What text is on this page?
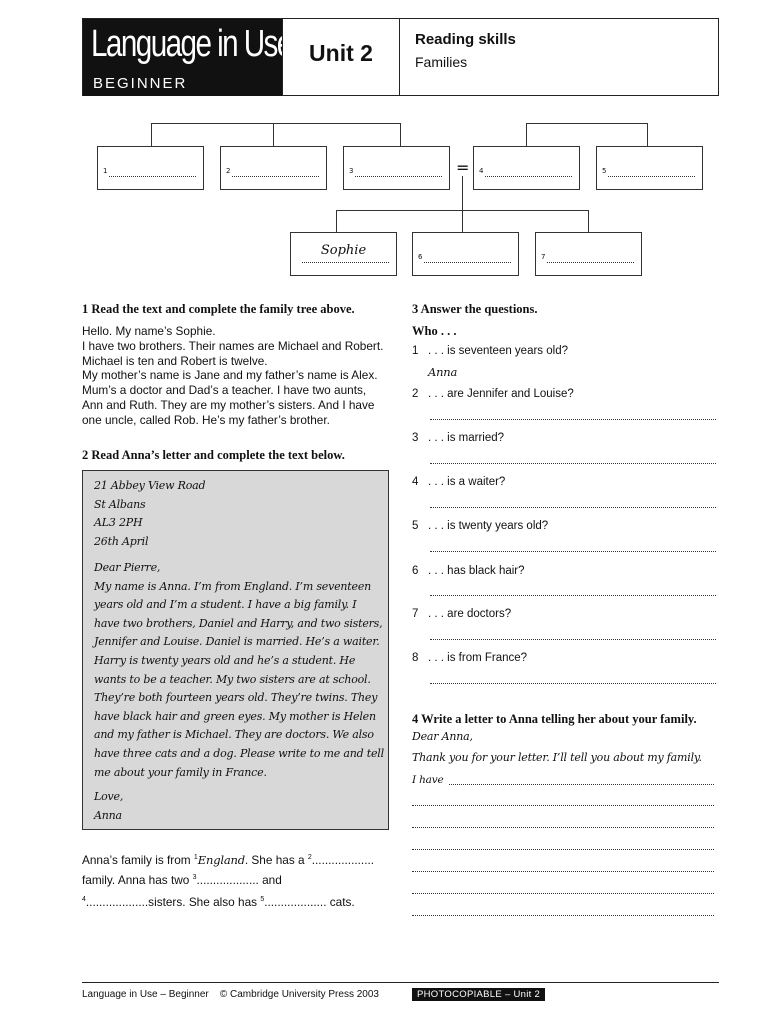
Language in Use
BEGINNER
Unit 2
Reading skills
Families
=
1	2	3	4	5
Sophie	6	7
1 Read the text and complete the family tree above.
Hello. My name’s Sophie.
I have two brothers. Their names are Michael and Robert.
Michael is ten and Robert is twelve.
My mother’s name is Jane and my father’s name is Alex.
Mum’s a doctor and Dad’s a teacher. I have two aunts,
Ann and Ruth. They are my mother’s sisters. And I have
one uncle, called Rob. He’s my father’s brother.
2 Read Anna’s letter and complete the text below.
21 Abbey View Road
St Albans
AL3 2PH
26th April
Dear Pierre,
My name is Anna. I’m from England. I’m seventeen
years old and I’m a student. I have a big family. I
have two brothers, Daniel and Harry, and two sisters,
Jennifer and Louise. Daniel is married. He’s a waiter.
Harry is twenty years old and he’s a student. He
wants to be a teacher. My two sisters are at school.
They’re both fourteen years old. They’re twins. They
have black hair and green eyes. My mother is Helen
and my father is Michael. They are doctors. We also
have three cats and a dog. Please write to me and tell
me about your family in France.
Love,
Anna
Anna’s family is from $^1$England. She has a $^2$...................
family. Anna has two $^3$................... and
$^4$...................sisters. She also has $^5$................... cats.
3 Answer the questions.
Who . . .
1 . . . is seventeen years old?
Anna
2 . . . are Jennifer and Louise?
3 . . . is married?
4 . . . is a waiter?
5 . . . is twenty years old?
6 . . . has black hair?
7 . . . are doctors?
8 . . . is from France?
4 Write a letter to Anna telling her about your family.
Dear Anna,
Thank you for your letter. I’ll tell you about my family.
I have
Language in Use – Beginner    © Cambridge University Press 2003	PHOTOCOPIABLE – Unit 2
